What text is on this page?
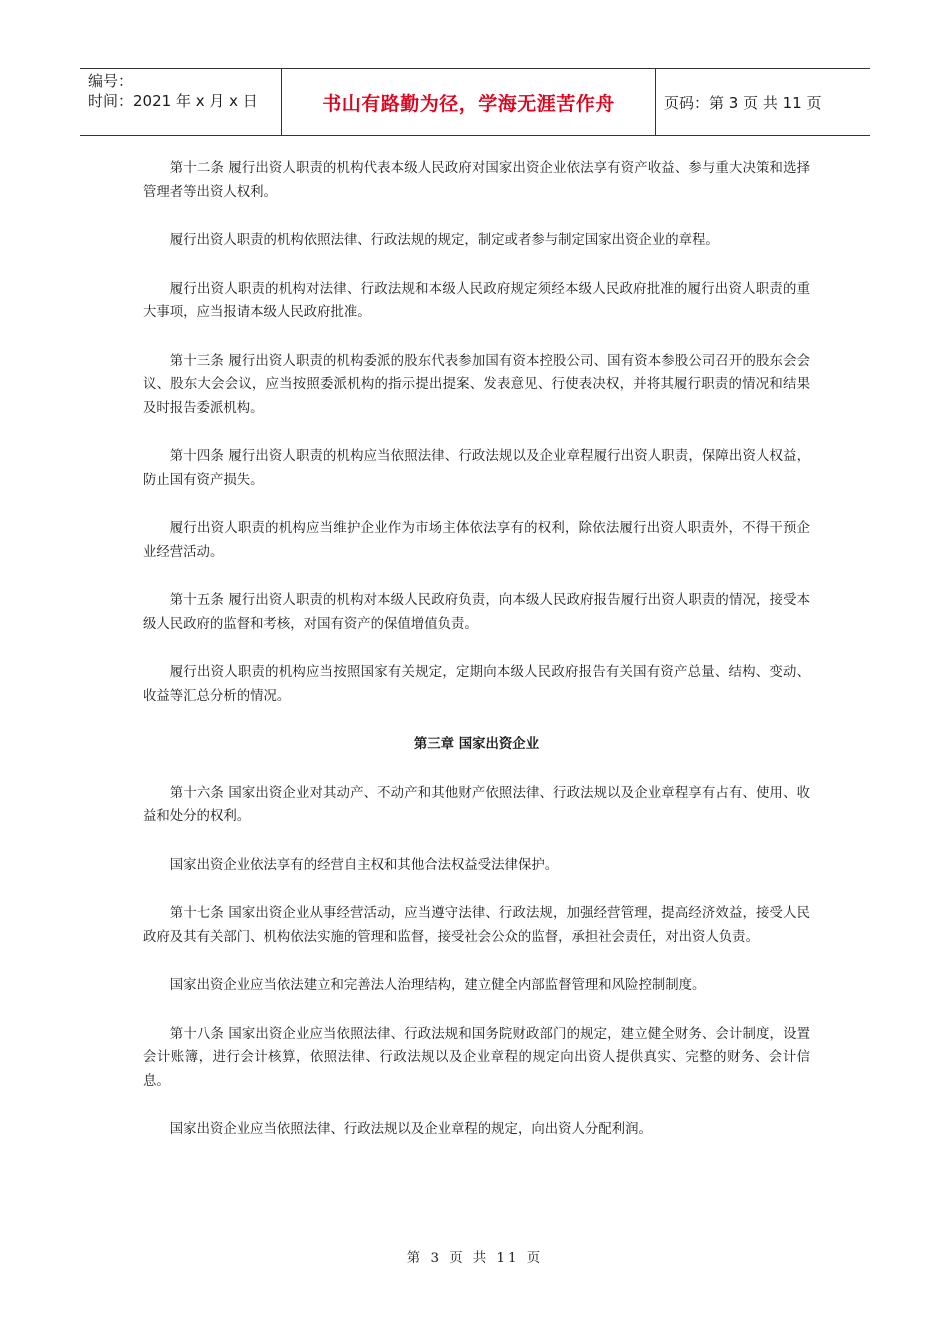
编号：
时间：2021 年 x 月 x 日	书山有路勤为径，学海无涯苦作舟	页码：第 3 页 共 11 页

第十二条 履行出资人职责的机构代表本级人民政府对国家出资企业依法享有资产收益、参与重大决策和选择管理者等出资人权利。

履行出资人职责的机构依照法律、行政法规的规定，制定或者参与制定国家出资企业的章程。

履行出资人职责的机构对法律、行政法规和本级人民政府规定须经本级人民政府批准的履行出资人职责的重大事项，应当报请本级人民政府批准。

第十三条 履行出资人职责的机构委派的股东代表参加国有资本控股公司、国有资本参股公司召开的股东会会议、股东大会会议，应当按照委派机构的指示提出提案、发表意见、行使表决权，并将其履行职责的情况和结果及时报告委派机构。

第十四条 履行出资人职责的机构应当依照法律、行政法规以及企业章程履行出资人职责，保障出资人权益，防止国有资产损失。

履行出资人职责的机构应当维护企业作为市场主体依法享有的权利，除依法履行出资人职责外，不得干预企业经营活动。

第十五条 履行出资人职责的机构对本级人民政府负责，向本级人民政府报告履行出资人职责的情况，接受本级人民政府的监督和考核，对国有资产的保值增值负责。

履行出资人职责的机构应当按照国家有关规定，定期向本级人民政府报告有关国有资产总量、结构、变动、收益等汇总分析的情况。

第三章 国家出资企业

第十六条 国家出资企业对其动产、不动产和其他财产依照法律、行政法规以及企业章程享有占有、使用、收益和处分的权利。

国家出资企业依法享有的经营自主权和其他合法权益受法律保护。

第十七条 国家出资企业从事经营活动，应当遵守法律、行政法规，加强经营管理，提高经济效益，接受人民政府及其有关部门、机构依法实施的管理和监督，接受社会公众的监督，承担社会责任，对出资人负责。

国家出资企业应当依法建立和完善法人治理结构，建立健全内部监督管理和风险控制制度。

第十八条 国家出资企业应当依照法律、行政法规和国务院财政部门的规定，建立健全财务、会计制度，设置会计账簿，进行会计核算，依照法律、行政法规以及企业章程的规定向出资人提供真实、完整的财务、会计信息。

国家出资企业应当依照法律、行政法规以及企业章程的规定，向出资人分配利润。

第 3 页 共 11 页
